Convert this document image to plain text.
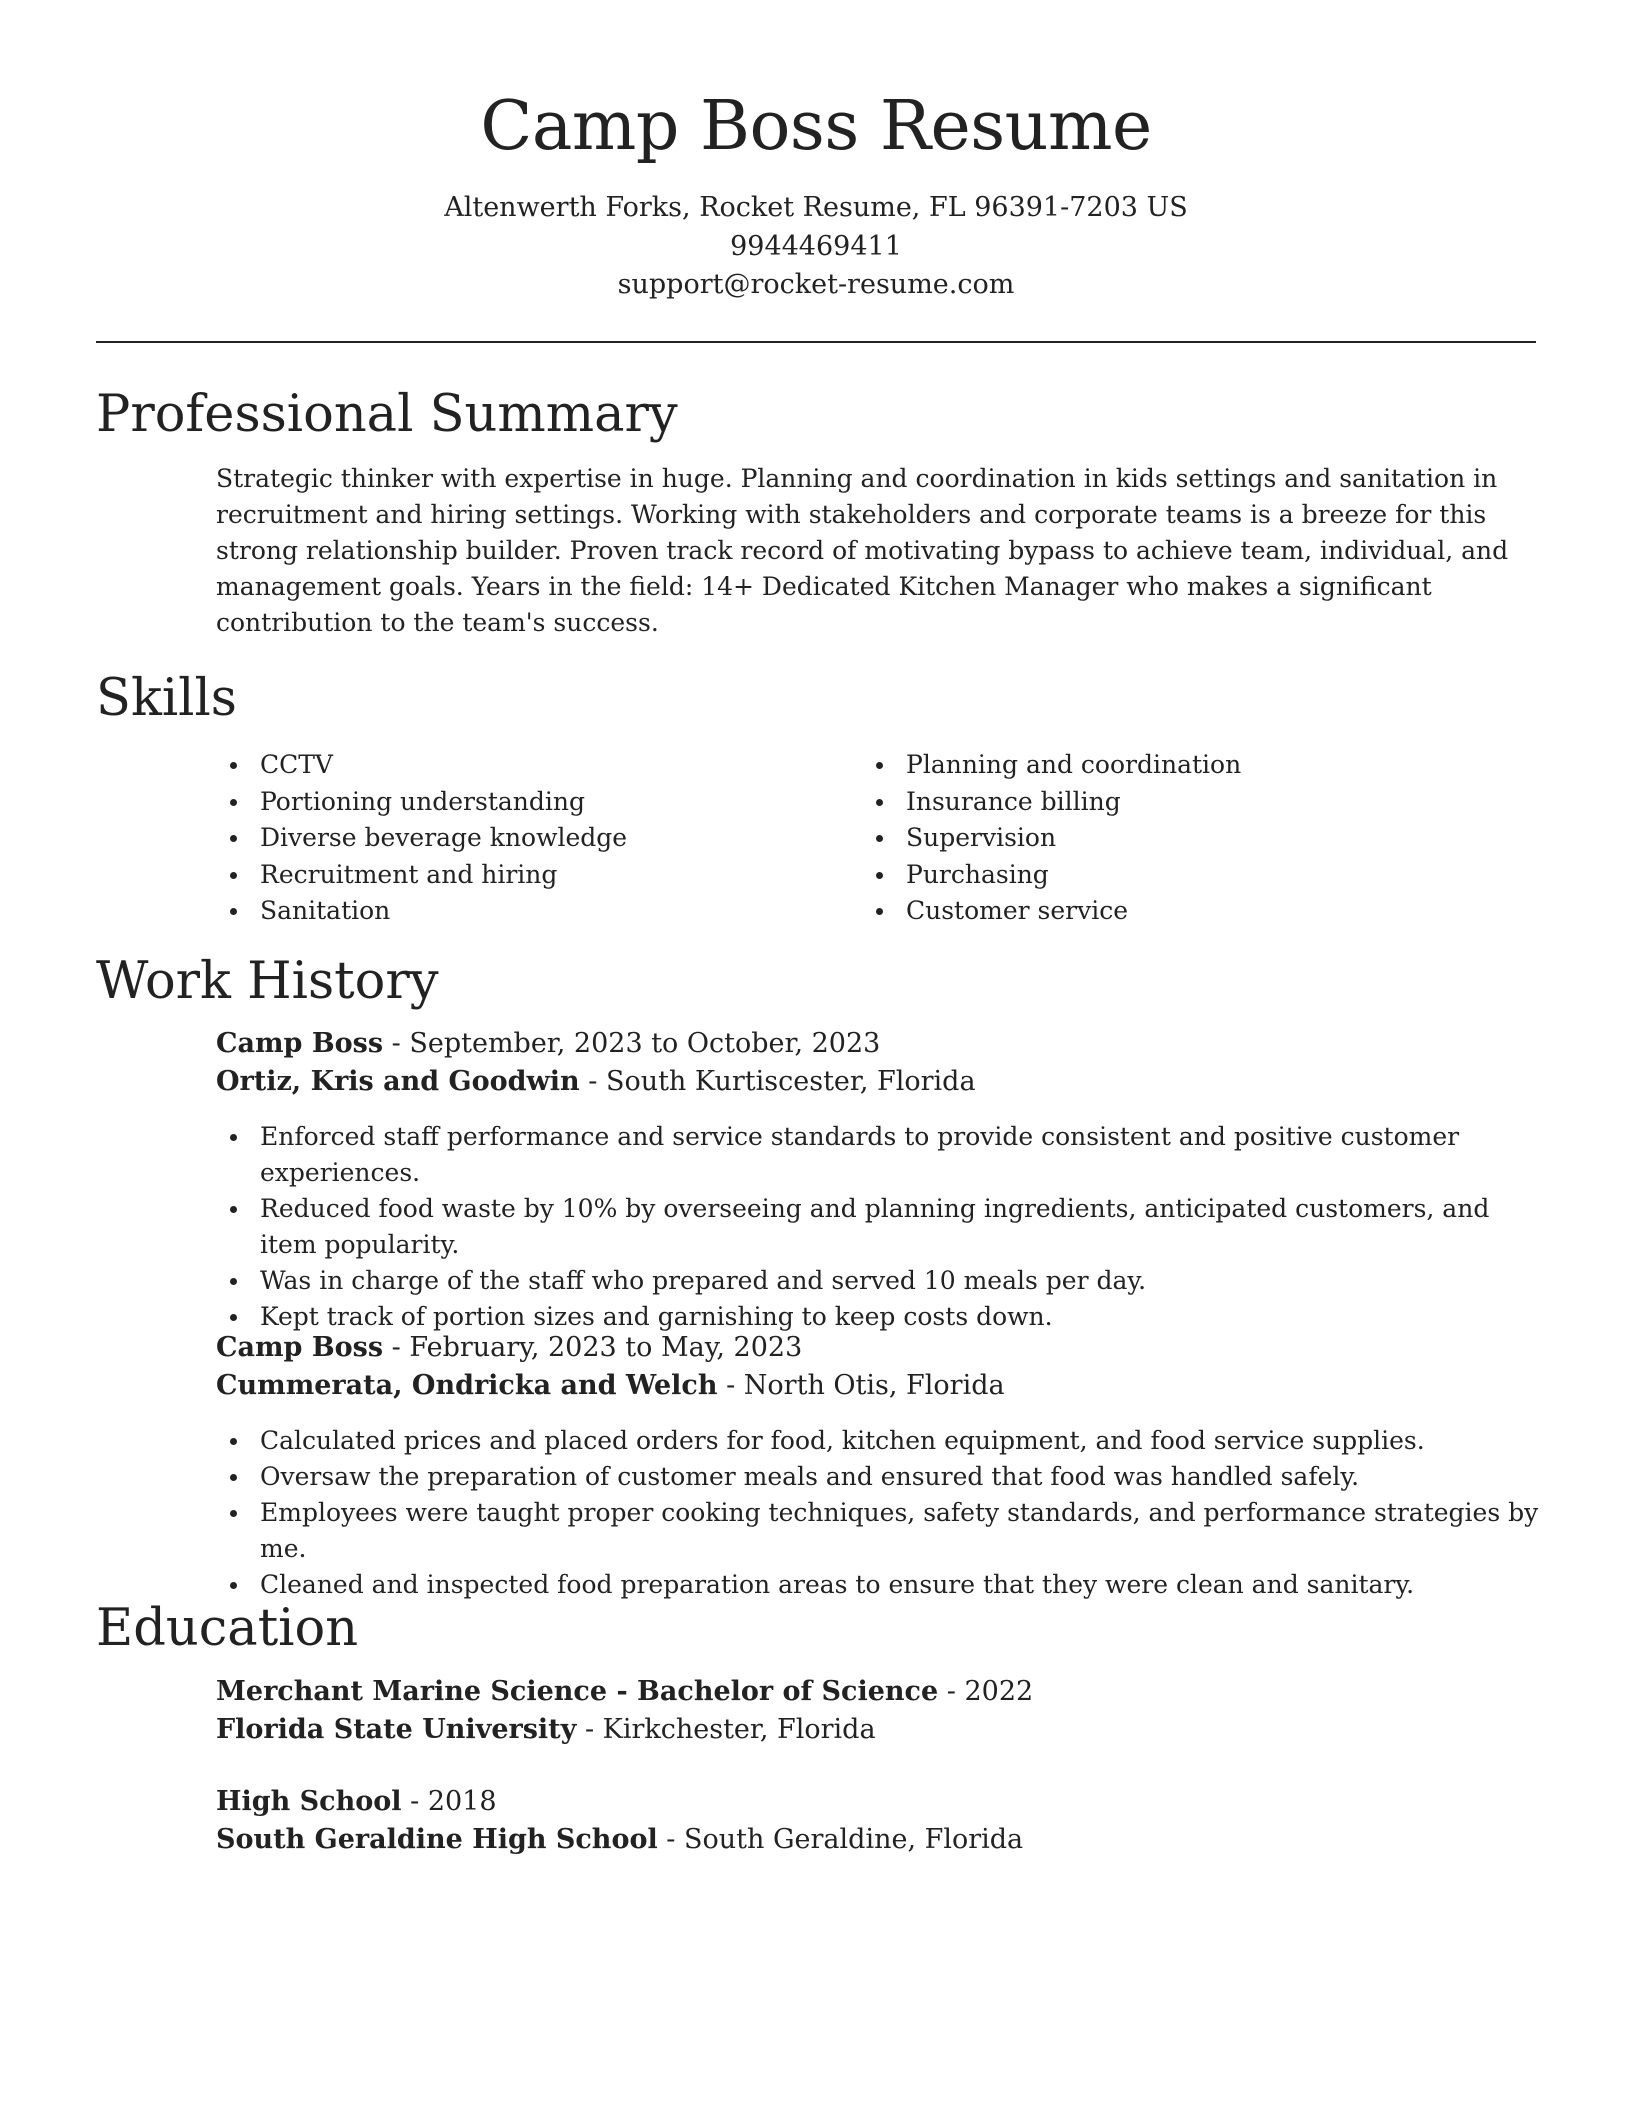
Camp Boss Resume
Altenwerth Forks, Rocket Resume, FL 96391-7203 US
9944469411
support@rocket-resume.com
Professional Summary

Strategic thinker with expertise in huge. Planning and coordination in kids settings and sanitation in recruitment and hiring settings. Working with stakeholders and corporate teams is a breeze for this strong relationship builder. Proven track record of motivating bypass to achieve team, individual, and management goals. Years in the field: 14+ Dedicated Kitchen Manager who makes a significant contribution to the team's success.

Skills
CCTV
Portioning understanding
Diverse beverage knowledge
Recruitment and hiring
Sanitation
Planning and coordination
Insurance billing
Supervision
Purchasing
Customer service
Work History
Camp Boss - September, 2023 to October, 2023
Ortiz, Kris and Goodwin - South Kurtiscester, Florida
Enforced staff performance and service standards to provide consistent and positive customer experiences.
Reduced food waste by 10% by overseeing and planning ingredients, anticipated customers, and item popularity.
Was in charge of the staff who prepared and served 10 meals per day.
Kept track of portion sizes and garnishing to keep costs down.
Camp Boss - February, 2023 to May, 2023
Cummerata, Ondricka and Welch - North Otis, Florida
Calculated prices and placed orders for food, kitchen equipment, and food service supplies.
Oversaw the preparation of customer meals and ensured that food was handled safely.
Employees were taught proper cooking techniques, safety standards, and performance strategies by me.
Cleaned and inspected food preparation areas to ensure that they were clean and sanitary.
Education
Merchant Marine Science - Bachelor of Science - 2022
Florida State University - Kirkchester, Florida
High School - 2018
South Geraldine High School - South Geraldine, Florida
